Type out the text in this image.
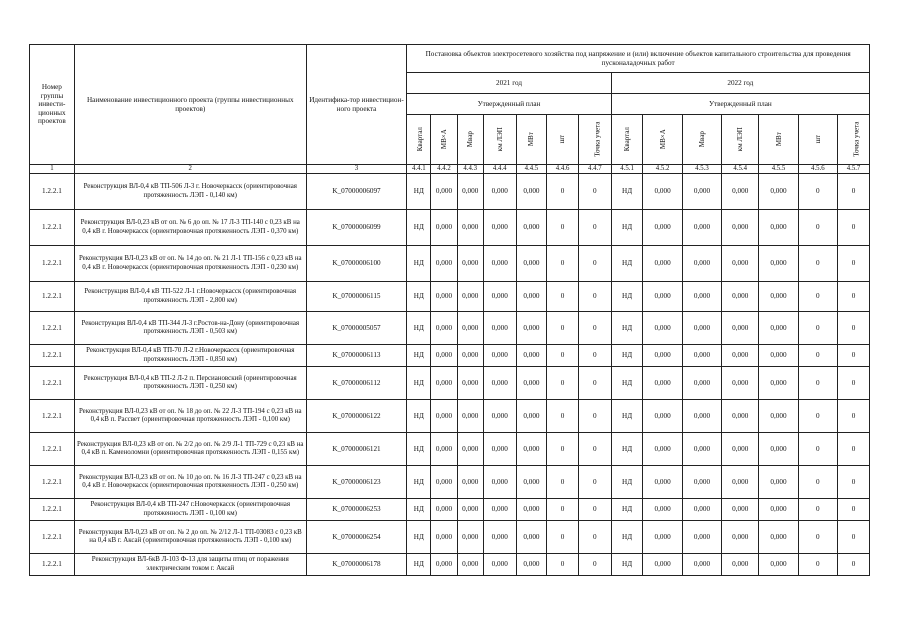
Номер группы инвести-ционных проектов	Наименование инвестиционного проекта (группы инвестиционных проектов)	Идентифика-тор инвестицион-ного проекта	Постановка объектов электросетевого хозяйства под напряжение и (или) включение объектов капитального строительства для проведения пусконаладочных работ													
			2021 год							2022 год						
			Утвержденный план							Утвержденный план						
			Квартал	МВ×А	Мвар	км ЛЭП	МВт	шт	Точка учета	Квартал	МВ×А	Мвар	км ЛЭП	МВт	шт	Точка учета
1	2	3	4.4.1	4.4.2	4.4.3	4.4.4	4.4.5	4.4.6	4.4.7	4.5.1	4.5.2	4.5.3	4.5.4	4.5.5	4.5.6	4.5.7
1.2.2.1	Реконструкция ВЛ-0,4 кВ ТП-506 Л-3 г. Новочеркасск (ориентировочная протяженность ЛЭП - 0,140 км)	K_07000006097	НД	0,000	0,000	0,000	0,000	0	0	НД	0,000	0,000	0,000	0,000	0	0
1.2.2.1	Реконструкция ВЛ-0,23 кВ от оп. № 6 до оп. № 17 Л-3 ТП-140 с 0,23 кВ на 0,4 кВ г. Новочеркасск (ориентировочная протяженность ЛЭП - 0,370 км)	K_07000006099	НД	0,000	0,000	0,000	0,000	0	0	НД	0,000	0,000	0,000	0,000	0	0
1.2.2.1	Реконструкция ВЛ-0,23 кВ от оп. № 14 до оп. № 21 Л-1 ТП-156 с 0,23 кВ на 0,4 кВ г. Новочеркасск (ориентировочная протяженность ЛЭП - 0,230 км)	K_07000006100	НД	0,000	0,000	0,000	0,000	0	0	НД	0,000	0,000	0,000	0,000	0	0
1.2.2.1	Реконструкция ВЛ-0,4 кВ ТП-522 Л-1 г.Новочеркасск (ориентировочная протяженность ЛЭП - 2,800 км)	K_07000006115	НД	0,000	0,000	0,000	0,000	0	0	НД	0,000	0,000	0,000	0,000	0	0
1.2.2.1	Реконструкция ВЛ-0,4 кВ ТП-344 Л-3 г.Ростов-на-Дону (ориентировочная протяженность ЛЭП - 0,503 км)	K_07000005057	НД	0,000	0,000	0,000	0,000	0	0	НД	0,000	0,000	0,000	0,000	0	0
1.2.2.1	Реконструкция ВЛ-0,4 кВ ТП-70 Л-2 г.Новочеркасск (ориентировочная протяженность ЛЭП - 0,850 км)	K_07000006113	НД	0,000	0,000	0,000	0,000	0	0	НД	0,000	0,000	0,000	0,000	0	0
1.2.2.1	Реконструкция ВЛ-0,4 кВ ТП-2 Л-2 п. Персиановский (ориентировочная протяженность ЛЭП - 0,250 км)	K_07000006112	НД	0,000	0,000	0,000	0,000	0	0	НД	0,000	0,000	0,000	0,000	0	0
1.2.2.1	Реконструкция ВЛ-0,23 кВ от оп. № 18 до оп. № 22 Л-3 ТП-194 с 0,23 кВ на 0,4 кВ п. Рассвет (ориентировочная протяженность ЛЭП - 0,100 км)	K_07000006122	НД	0,000	0,000	0,000	0,000	0	0	НД	0,000	0,000	0,000	0,000	0	0
1.2.2.1	Реконструкция ВЛ-0,23 кВ от оп. № 2/2 до оп. № 2/9 Л-1 ТП-729 с 0,23 кВ на 0,4 кВ п. Каменоломни (ориентировочная протяженность ЛЭП - 0,155 км)	K_07000006121	НД	0,000	0,000	0,000	0,000	0	0	НД	0,000	0,000	0,000	0,000	0	0
1.2.2.1	Реконструкция ВЛ-0,23 кВ от оп. № 10 до оп. № 16 Л-3 ТП-247 с 0,23 кВ на 0,4 кВ г. Новочеркасск (ориентировочная протяженность ЛЭП - 0,250 км)	K_07000006123	НД	0,000	0,000	0,000	0,000	0	0	НД	0,000	0,000	0,000	0,000	0	0
1.2.2.1	Реконструкция ВЛ-0,4 кВ ТП-247 г.Новочеркасск (ориентировочная протяженность ЛЭП - 0,100 км)	K_07000006253	НД	0,000	0,000	0,000	0,000	0	0	НД	0,000	0,000	0,000	0,000	0	0
1.2.2.1	Реконструкция ВЛ-0,23 кВ от оп. № 2 до оп. № 2/12 Л-1 ТП-03083 с 0,23 кВ на 0,4 кВ г. Аксай (ориентировочная протяженность ЛЭП - 0,100 км)	K_07000006254	НД	0,000	0,000	0,000	0,000	0	0	НД	0,000	0,000	0,000	0,000	0	0
1.2.2.1	Реконструкция ВЛ-6кВ Л-103 Ф-13 для защиты птиц от поражения электрическим током г. Аксай	K_07000006178	НД	0,000	0,000	0,000	0,000	0	0	НД	0,000	0,000	0,000	0,000	0	0
